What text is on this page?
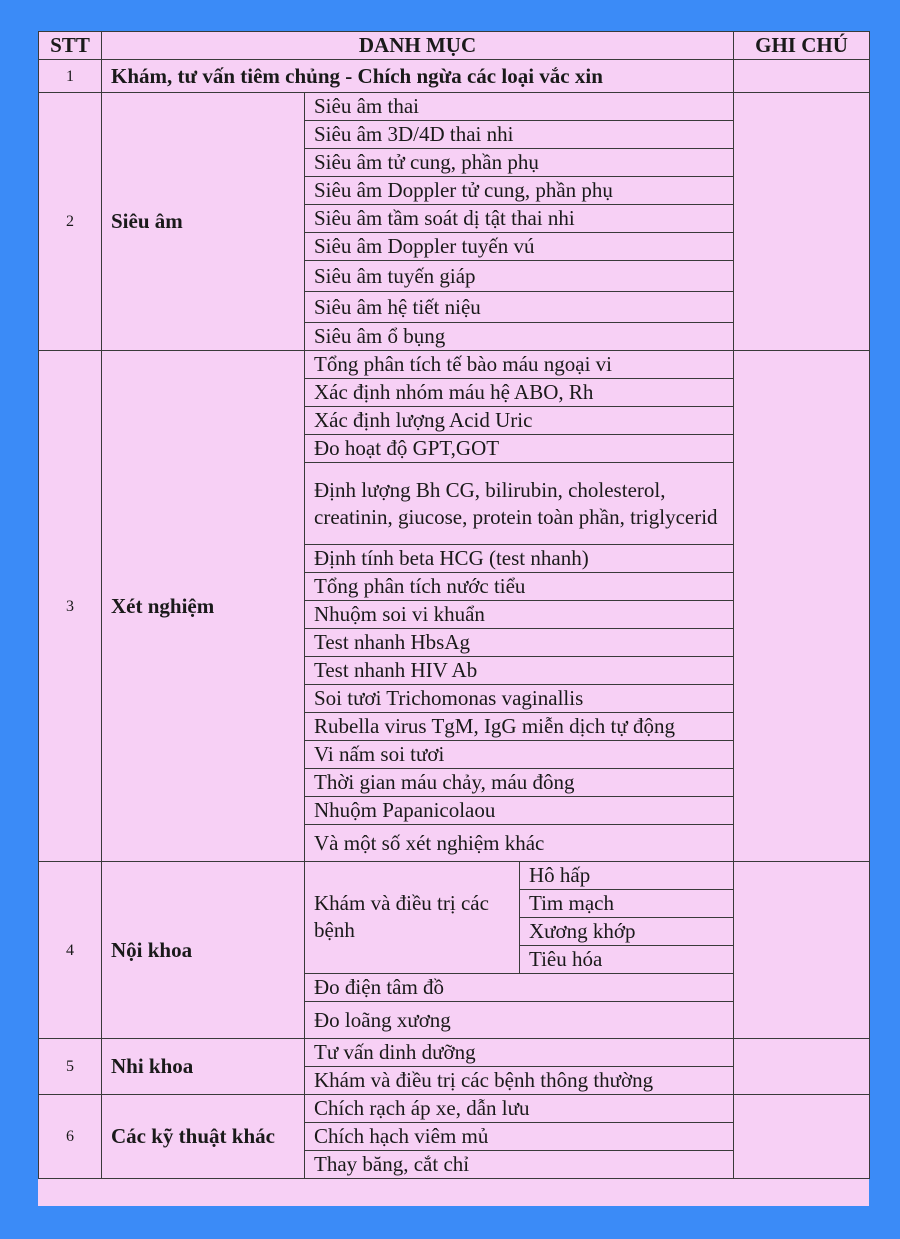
STT	DANH MỤC			GHI CHÚ
1	Khám, tư vấn tiêm chủng - Chích ngừa các loại vắc xin			
2	Siêu âm	Siêu âm thai		
		Siêu âm 3D/4D thai nhi		
		Siêu âm tử cung, phần phụ		
		Siêu âm Doppler tử cung, phần phụ		
		Siêu âm tầm soát dị tật thai nhi		
		Siêu âm Doppler tuyến vú		
		Siêu âm tuyến giáp		
		Siêu âm hệ tiết niệu		
		Siêu âm ổ bụng		
3	Xét nghiệm	Tổng phân tích tế bào máu ngoại vi		
		Xác định nhóm máu hệ ABO, Rh		
		Xác định lượng Acid Uric		
		Đo hoạt độ GPT,GOT		
		Định lượng Bh CG, bilirubin, cholesterol, creatinin, giucose, protein toàn phần, triglycerid		
		Định tính beta HCG (test nhanh)		
		Tổng phân tích nước tiểu		
		Nhuộm soi vi khuẩn		
		Test nhanh HbsAg		
		Test nhanh HIV Ab		
		Soi tươi Trichomonas vaginallis		
		Rubella virus TgM, IgG miễn dịch tự động		
		Vi nấm soi tươi		
		Thời gian máu chảy, máu đông		
		Nhuộm Papanicolaou		
		Và một số xét nghiệm khác		
4	Nội khoa	Khám và điều trị các bệnh	Hô hấp	
			Tim mạch	
			Xương khớp	
			Tiêu hóa	
		Đo điện tâm đồ		
		Đo loãng xương		
5	Nhi khoa	Tư vấn dinh dưỡng		
		Khám và điều trị các bệnh thông thường		
6	Các kỹ thuật khác	Chích rạch áp xe, dẫn lưu		
		Chích hạch viêm mủ		
		Thay băng, cắt chỉ		
